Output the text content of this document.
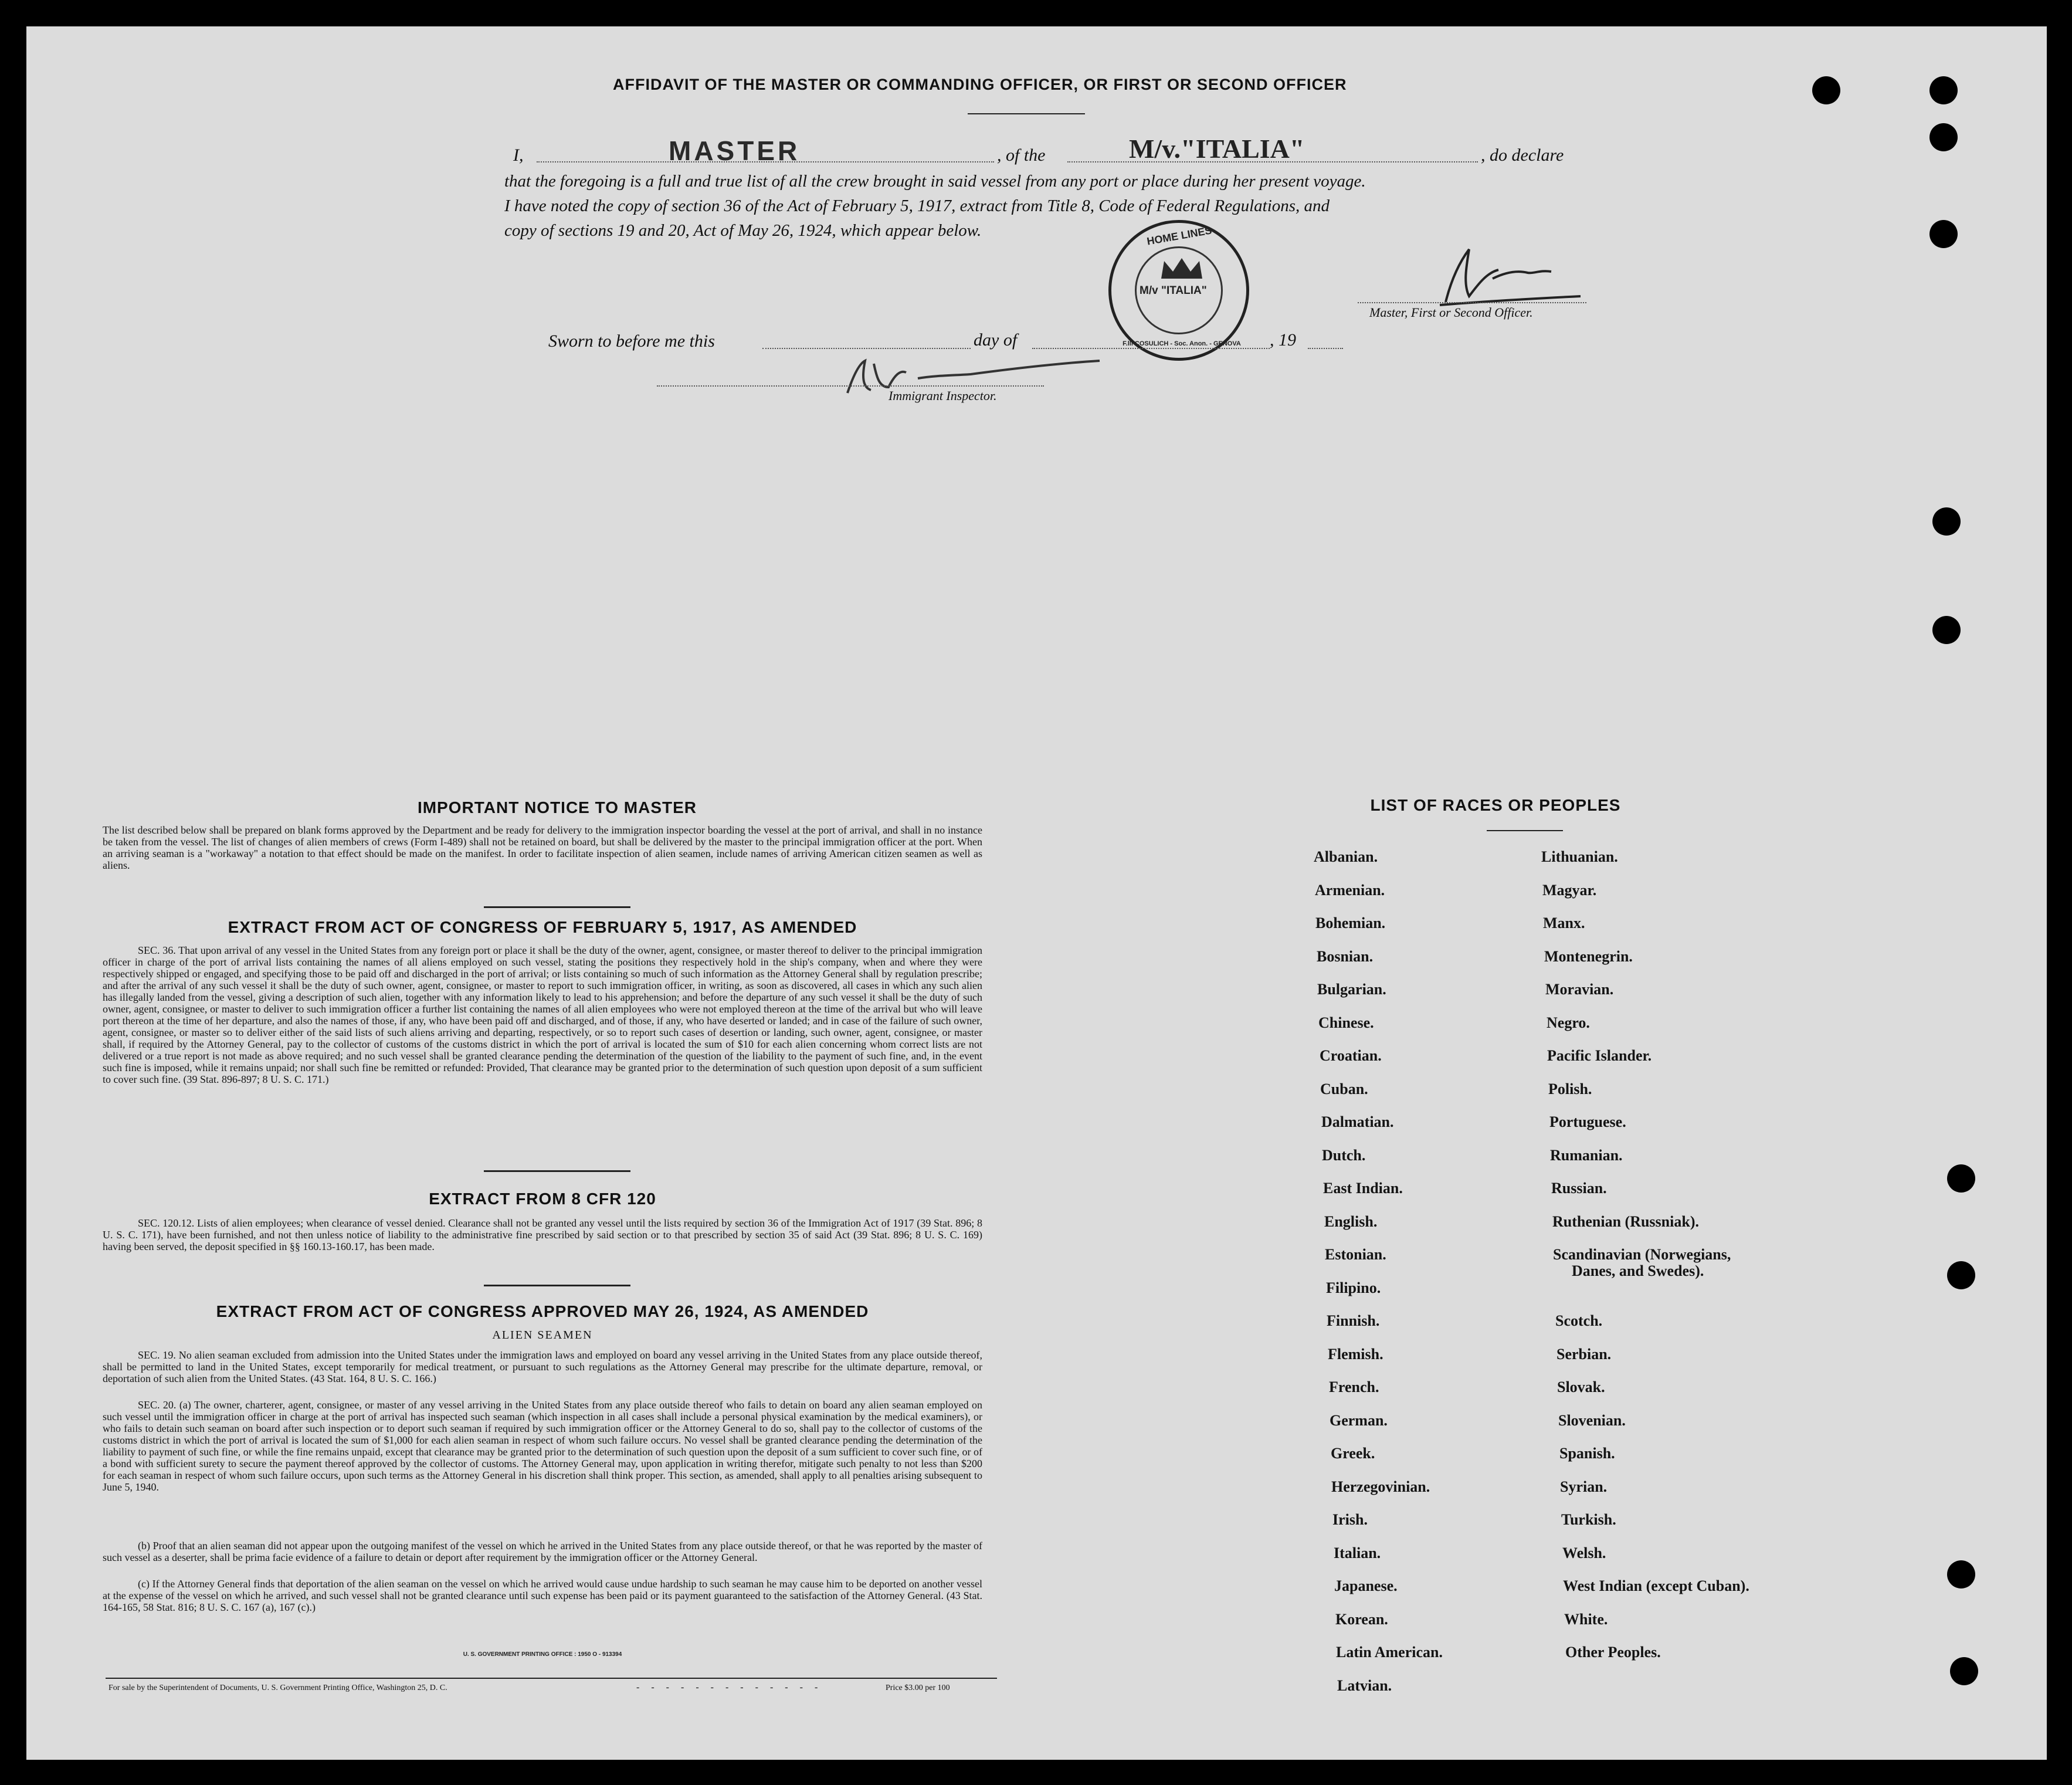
AFFIDAVIT OF THE MASTER OR COMMANDING OFFICER, OR FIRST OR SECOND OFFICER
I,	MASTER	, of the	M/v."ITALIA"	, do declare
that the foregoing is a full and true list of all the crew brought in said vessel from any port or place during her present voyage.
I have noted the copy of section 36 of the Act of February 5, 1917, extract from Title 8, Code of Federal Regulations, and
copy of sections 19 and 20, Act of May 26, 1924, which appear below.	HOME LINES
M/v "ITALIA"
F.lli COSULICH - Soc. Anon. - GENOVA
Master, First or Second Officer.
Sworn to before me this	day of	, 19
Immigrant Inspector.
IMPORTANT NOTICE TO MASTER
The list described below shall be prepared on blank forms approved by the Department and be ready for delivery to the immigration inspector boarding the vessel at the port of arrival, and shall in no instance be taken from the vessel. The list of changes of alien members of crews (Form I-489) shall not be retained on board, but shall be delivered by the master to the principal immigration officer at the port. When an arriving seaman is a "workaway" a notation to that effect should be made on the manifest. In order to facilitate inspection of alien seamen, include names of arriving American citizen seamen as well as aliens.
EXTRACT FROM ACT OF CONGRESS OF FEBRUARY 5, 1917, AS AMENDED
SEC. 36. That upon arrival of any vessel in the United States from any foreign port or place it shall be the duty of the owner, agent, consignee, or master thereof to deliver to the principal immigration officer in charge of the port of arrival lists containing the names of all aliens employed on such vessel, stating the positions they respectively hold in the ship's company, when and where they were respectively shipped or engaged, and specifying those to be paid off and discharged in the port of arrival; or lists containing so much of such information as the Attorney General shall by regulation prescribe; and after the arrival of any such vessel it shall be the duty of such owner, agent, consignee, or master to report to such immigration officer, in writing, as soon as discovered, all cases in which any such alien has illegally landed from the vessel, giving a description of such alien, together with any information likely to lead to his apprehension; and before the departure of any such vessel it shall be the duty of such owner, agent, consignee, or master to deliver to such immigration officer a further list containing the names of all alien employees who were not employed thereon at the time of the arrival but who will leave port thereon at the time of her departure, and also the names of those, if any, who have been paid off and discharged, and of those, if any, who have deserted or landed; and in case of the failure of such owner, agent, consignee, or master so to deliver either of the said lists of such aliens arriving and departing, respectively, or so to report such cases of desertion or landing, such owner, agent, consignee, or master shall, if required by the Attorney General, pay to the collector of customs of the customs district in which the port of arrival is located the sum of $10 for each alien concerning whom correct lists are not delivered or a true report is not made as above required; and no such vessel shall be granted clearance pending the determination of the question of the liability to the payment of such fine, and, in the event such fine is imposed, while it remains unpaid; nor shall such fine be remitted or refunded: Provided, That clearance may be granted prior to the determination of such question upon deposit of a sum sufficient to cover such fine. (39 Stat. 896-897; 8 U. S. C. 171.)
EXTRACT FROM 8 CFR 120
SEC. 120.12. Lists of alien employees; when clearance of vessel denied. Clearance shall not be granted any vessel until the lists required by section 36 of the Immigration Act of 1917 (39 Stat. 896; 8 U. S. C. 171), have been furnished, and not then unless notice of liability to the administrative fine prescribed by said section or to that prescribed by section 35 of said Act (39 Stat. 896; 8 U. S. C. 169) having been served, the deposit specified in §§ 160.13-160.17, has been made.
EXTRACT FROM ACT OF CONGRESS APPROVED MAY 26, 1924, AS AMENDED
ALIEN SEAMEN
SEC. 19. No alien seaman excluded from admission into the United States under the immigration laws and employed on board any vessel arriving in the United States from any place outside thereof, shall be permitted to land in the United States, except temporarily for medical treatment, or pursuant to such regulations as the Attorney General may prescribe for the ultimate departure, removal, or deportation of such alien from the United States. (43 Stat. 164, 8 U. S. C. 166.)
SEC. 20. (a) The owner, charterer, agent, consignee, or master of any vessel arriving in the United States from any place outside thereof who fails to detain on board any alien seaman employed on such vessel until the immigration officer in charge at the port of arrival has inspected such seaman (which inspection in all cases shall include a personal physical examination by the medical examiners), or who fails to detain such seaman on board after such inspection or to deport such seaman if required by such immigration officer or the Attorney General to do so, shall pay to the collector of customs of the customs district in which the port of arrival is located the sum of $1,000 for each alien seaman in respect of whom such failure occurs. No vessel shall be granted clearance pending the determination of the liability to payment of such fine, or while the fine remains unpaid, except that clearance may be granted prior to the determination of such question upon the deposit of a sum sufficient to cover such fine, or of a bond with sufficient surety to secure the payment thereof approved by the collector of customs. The Attorney General may, upon application in writing therefor, mitigate such penalty to not less than $200 for each seaman in respect of whom such failure occurs, upon such terms as the Attorney General in his discretion shall think proper. This section, as amended, shall apply to all penalties arising subsequent to June 5, 1940.
(b) Proof that an alien seaman did not appear upon the outgoing manifest of the vessel on which he arrived in the United States from any place outside thereof, or that he was reported by the master of such vessel as a deserter, shall be prima facie evidence of a failure to detain or deport after requirement by the immigration officer or the Attorney General.
(c) If the Attorney General finds that deportation of the alien seaman on the vessel on which he arrived would cause undue hardship to such seaman he may cause him to be deported on another vessel at the expense of the vessel on which he arrived, and such vessel shall not be granted clearance until such expense has been paid or its payment guaranteed to the satisfaction of the Attorney General. (43 Stat. 164-165, 58 Stat. 816; 8 U. S. C. 167 (a), 167 (c).)
U. S. GOVERNMENT PRINTING OFFICE : 1950 O - 913394
For sale by the Superintendent of Documents, U. S. Government Printing Office, Washington 25, D. C.	- - - - - - - - - - - - -	Price $3.00 per 100
LIST OF RACES OR PEOPLES
Albanian.
Armenian.
Bohemian.
Bosnian.
Bulgarian.
Chinese.
Croatian.
Cuban.
Dalmatian.
Dutch.
East Indian.
English.
Estonian.
Filipino.
Finnish.
Flemish.
French.
German.
Greek.
Herzegovinian.
Irish.
Italian.
Japanese.
Korean.
Latin American.
Latvian.
Lithuanian.
Magyar.
Manx.
Montenegrin.
Moravian.
Negro.
Pacific Islander.
Polish.
Portuguese.
Rumanian.
Russian.
Ruthenian (Russniak).
Scandinavian (Norwegians,
Danes, and Swedes).
Scotch.
Serbian.
Slovak.
Slovenian.
Spanish.
Syrian.
Turkish.
Welsh.
West Indian (except Cuban).
White.
Other Peoples.
